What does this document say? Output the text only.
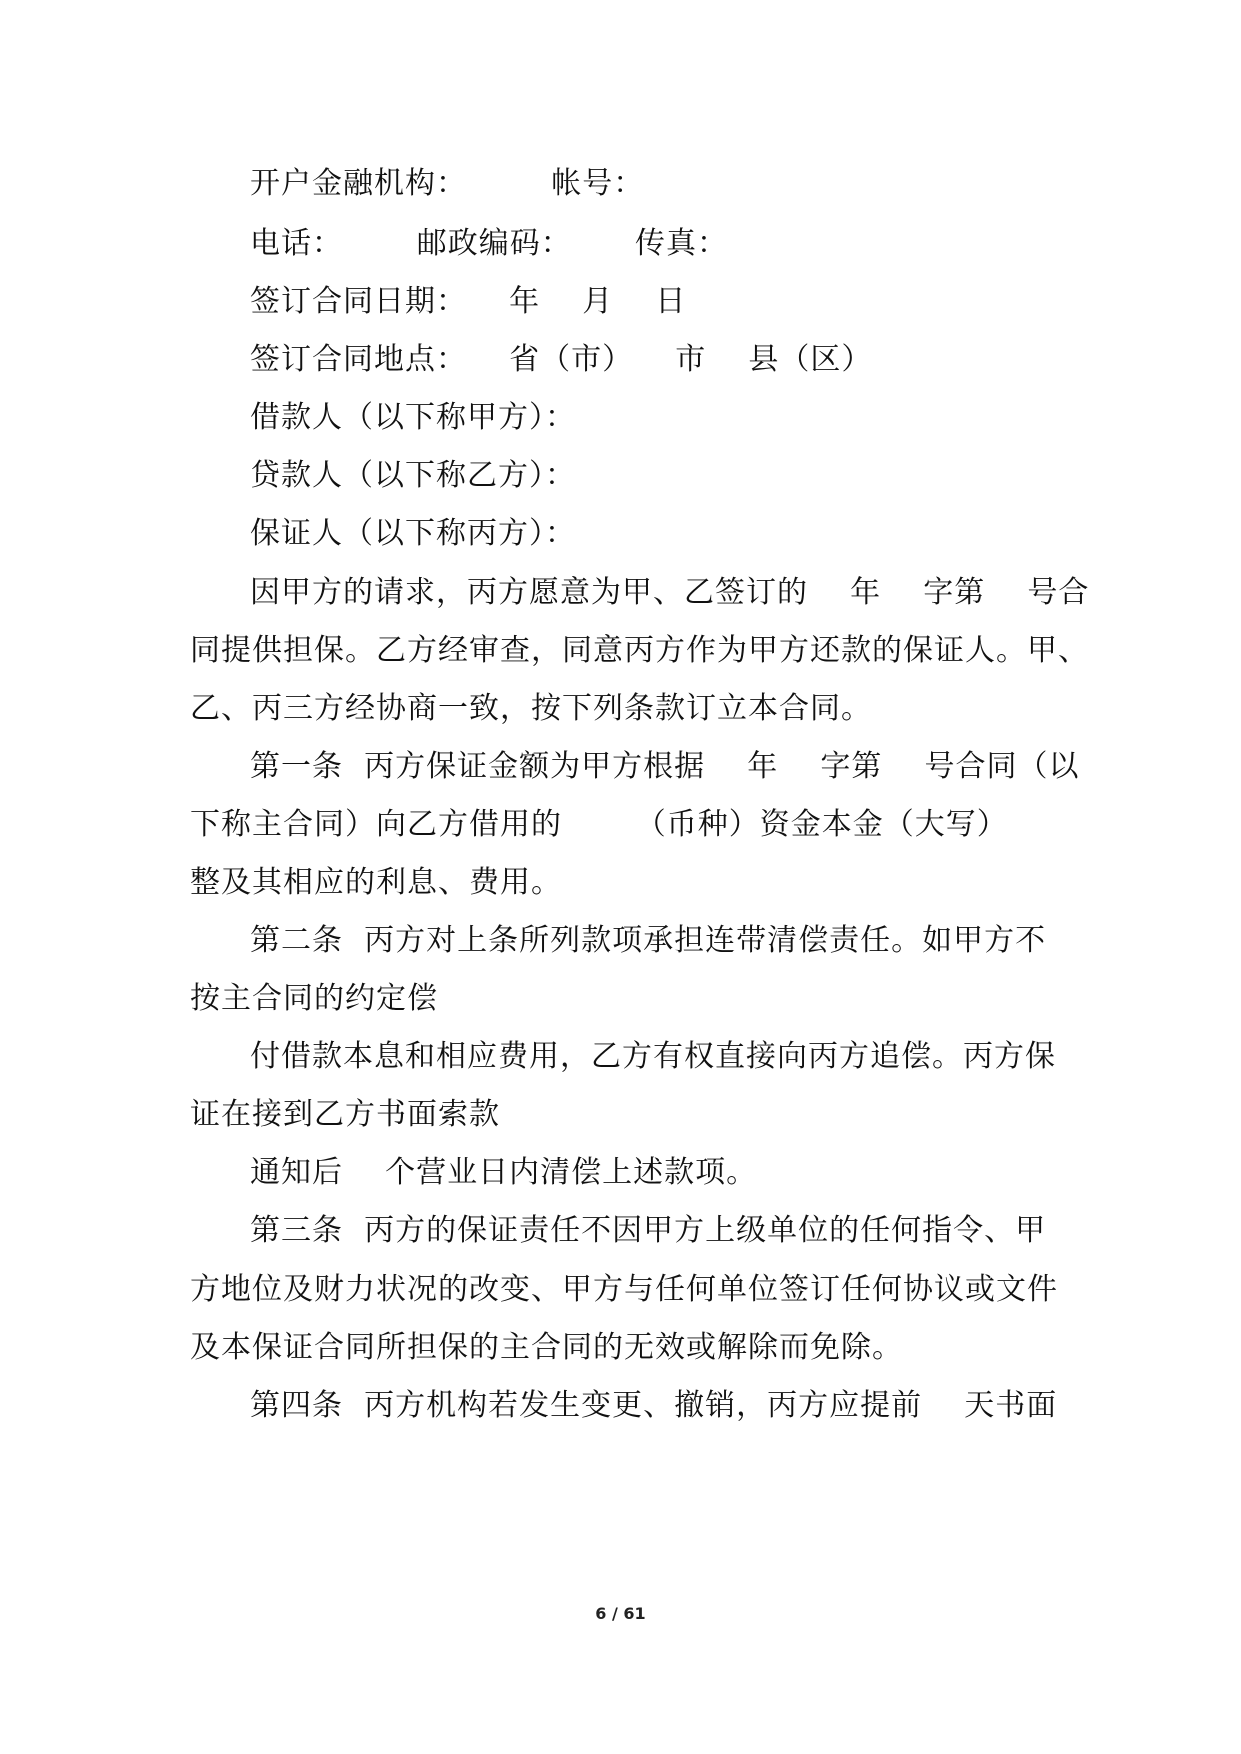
开户金融机构：        帐号：
电话：       邮政编码：      传真：
签订合同日期：    年    月    日
签订合同地点：    省（市）    市    县（区）
借款人（以下称甲方）：
贷款人（以下称乙方）：
保证人（以下称丙方）：
因甲方的请求，丙方愿意为甲、乙签订的    年    字第    号合
同提供担保。乙方经审查，同意丙方作为甲方还款的保证人。甲、
乙、丙三方经协商一致，按下列条款订立本合同。
第一条  丙方保证金额为甲方根据    年    字第    号合同（以
下称主合同）向乙方借用的       （币种）资金本金（大写）
整及其相应的利息、费用。
第二条  丙方对上条所列款项承担连带清偿责任。如甲方不
按主合同的约定偿
付借款本息和相应费用，乙方有权直接向丙方追偿。丙方保
证在接到乙方书面索款
通知后    个营业日内清偿上述款项。
第三条  丙方的保证责任不因甲方上级单位的任何指令、甲
方地位及财力状况的改变、甲方与任何单位签订任何协议或文件
及本保证合同所担保的主合同的无效或解除而免除。
第四条  丙方机构若发生变更、撤销，丙方应提前    天书面
6 / 61
